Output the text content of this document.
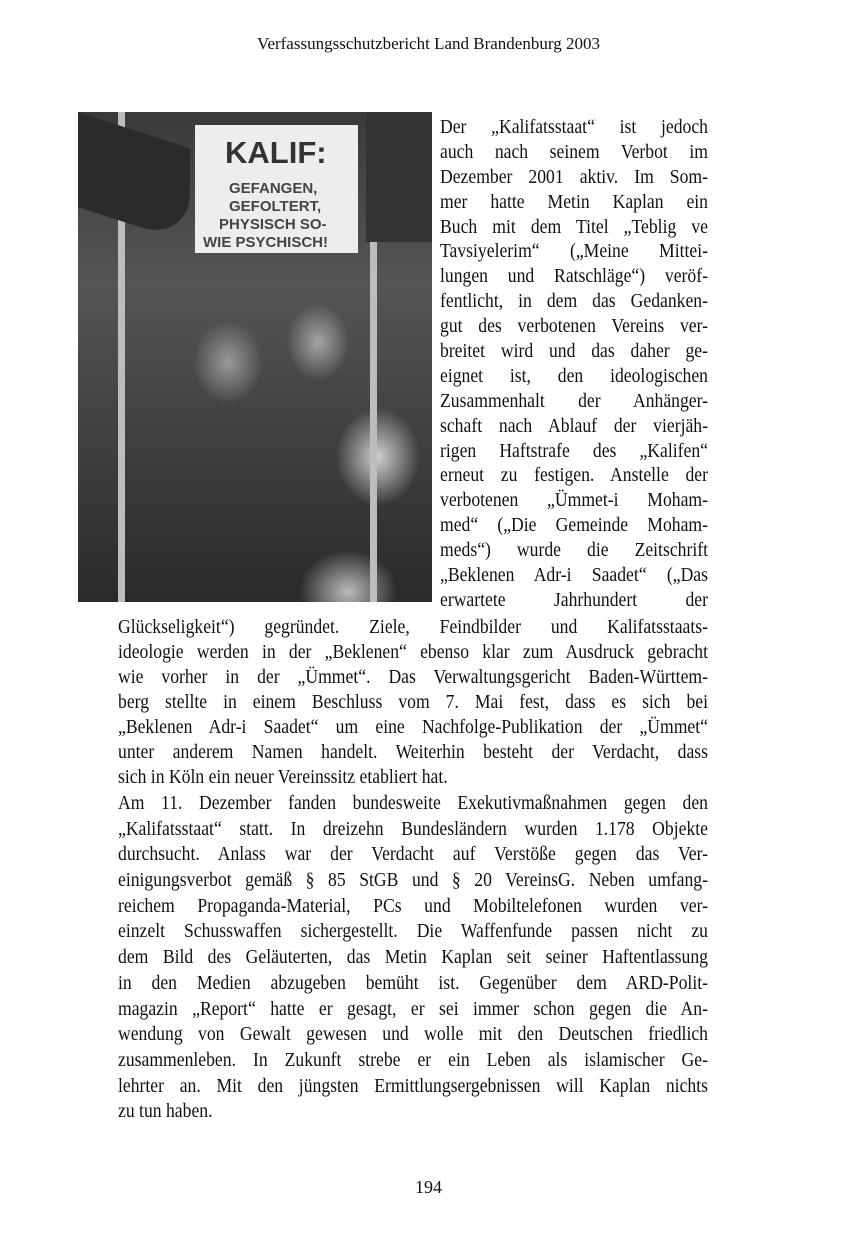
Verfassungsschutzbericht Land Brandenburg 2003
KALIF:
GEFANGEN,
GEFOLTERT,
PHYSISCH SO-
WIE PSYCHISCH!
Der „Kalifatsstaat“ ist jedoch
auch nach seinem Verbot im
Dezember 2001 aktiv. Im Som-
mer hatte Metin Kaplan ein
Buch mit dem Titel „Teblig ve
Tavsiyelerim“ („Meine Mittei-
lungen und Ratschläge“) veröf-
fentlicht, in dem das Gedanken-
gut des verbotenen Vereins ver-
breitet wird und das daher ge-
eignet ist, den ideologischen
Zusammenhalt der Anhänger-
schaft nach Ablauf der vierjäh-
rigen Haftstrafe des „Kalifen“
erneut zu festigen. Anstelle der
verbotenen „Ümmet-i Moham-
med“ („Die Gemeinde Moham-
meds“) wurde die Zeitschrift
„Beklenen Adr-i Saadet“ („Das
erwartete Jahrhundert der
Glückseligkeit“) gegründet. Ziele, Feindbilder und Kalifatsstaats-
ideologie werden in der „Beklenen“ ebenso klar zum Ausdruck gebracht
wie vorher in der „Ümmet“. Das Verwaltungsgericht Baden-Württem-
berg stellte in einem Beschluss vom 7. Mai fest, dass es sich bei
„Beklenen Adr-i Saadet“ um eine Nachfolge-Publikation der „Ümmet“
unter anderem Namen handelt. Weiterhin besteht der Verdacht, dass
sich in Köln ein neuer Vereinssitz etabliert hat.
Am 11. Dezember fanden bundesweite Exekutivmaßnahmen gegen den
„Kalifatsstaat“ statt. In dreizehn Bundesländern wurden 1.178 Objekte
durchsucht. Anlass war der Verdacht auf Verstöße gegen das Ver-
einigungsverbot gemäß § 85 StGB und § 20 VereinsG. Neben umfang-
reichem Propaganda-Material, PCs und Mobiltelefonen wurden ver-
einzelt Schusswaffen sichergestellt. Die Waffenfunde passen nicht zu
dem Bild des Geläuterten, das Metin Kaplan seit seiner Haftentlassung
in den Medien abzugeben bemüht ist. Gegenüber dem ARD-Polit-
magazin „Report“ hatte er gesagt, er sei immer schon gegen die An-
wendung von Gewalt gewesen und wolle mit den Deutschen friedlich
zusammenleben. In Zukunft strebe er ein Leben als islamischer Ge-
lehrter an. Mit den jüngsten Ermittlungsergebnissen will Kaplan nichts
zu tun haben.
194
